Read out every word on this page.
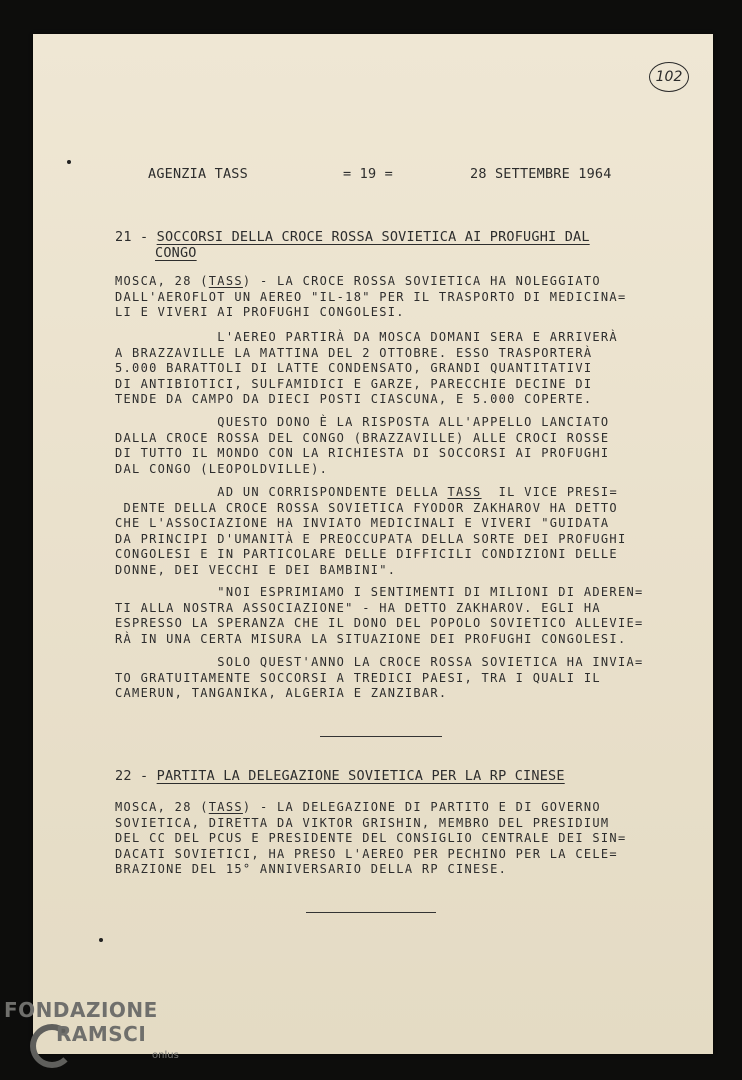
102
AGENZIA TASS	= 19 =	28 SETTEMBRE 1964
21 - SOCCORSI DELLA CROCE ROSSA SOVIETICA AI PROFUGHI DAL
CONGO

MOSCA, 28 (TASS) - LA CROCE ROSSA SOVIETICA HA NOLEGGIATO
DALL'AEROFLOT UN AEREO "IL-18" PER IL TRASPORTO DI MEDICINA=
LI E VIVERI AI PROFUGHI CONGOLESI.

L'AEREO PARTIRÀ DA MOSCA DOMANI SERA E ARRIVERÀ
A BRAZZAVILLE LA MATTINA DEL 2 OTTOBRE. ESSO TRASPORTERÀ
5.000 BARATTOLI DI LATTE CONDENSATO, GRANDI QUANTITATIVI
DI ANTIBIOTICI, SULFAMIDICI E GARZE, PARECCHIE DECINE DI
TENDE DA CAMPO DA DIECI POSTI CIASCUNA, E 5.000 COPERTE.

QUESTO DONO È LA RISPOSTA ALL'APPELLO LANCIATO
DALLA CROCE ROSSA DEL CONGO (BRAZZAVILLE) ALLE CROCI ROSSE
DI TUTTO IL MONDO CON LA RICHIESTA DI SOCCORSI AI PROFUGHI
DAL CONGO (LEOPOLDVILLE).

AD UN CORRISPONDENTE DELLA TASS  IL VICE PRESI=
DENTE DELLA CROCE ROSSA SOVIETICA FYODOR ZAKHAROV HA DETTO
CHE L'ASSOCIAZIONE HA INVIATO MEDICINALI E VIVERI "GUIDATA
DA PRINCIPI D'UMANITÀ E PREOCCUPATA DELLA SORTE DEI PROFUGHI
CONGOLESI E IN PARTICOLARE DELLE DIFFICILI CONDIZIONI DELLE
DONNE, DEI VECCHI E DEI BAMBINI".

"NOI ESPRIMIAMO I SENTIMENTI DI MILIONI DI ADEREN=
TI ALLA NOSTRA ASSOCIAZIONE" - HA DETTO ZAKHAROV. EGLI HA
ESPRESSO LA SPERANZA CHE IL DONO DEL POPOLO SOVIETICO ALLEVIE=
RÀ IN UNA CERTA MISURA LA SITUAZIONE DEI PROFUGHI CONGOLESI.

SOLO QUEST'ANNO LA CROCE ROSSA SOVIETICA HA
TO GRATUITAMENTE SOCCORSI A TREDICI PAESI, TRA I QUALI IL
CAMERUN, TANGANIKA, ALGERIA E ZANZIBAR.

22 - PARTITA LA DELEGAZIONE SOVIETICA PER LA RP CINESE

MOSCA, 28 (TASS) - LA DELEGAZIONE DI PARTITO E DI GOVERNO
SOVIETICA, DIRETTA DA VIKTOR GRISHIN, MEMBRO DEL PRESIDIUM
DEL CC DEL PCUS E PRESIDENTE DEL CONSIGLIO CENTRALE DEI SIN=
DACATI SOVIETICI, HA PRESO L'AEREO PER PECHINO PER LA CELE=
BRAZIONE DEL 15° ANNIVERSARIO DELLA RP CINESE.

FONDAZIONE
RAMSCI
onlus
